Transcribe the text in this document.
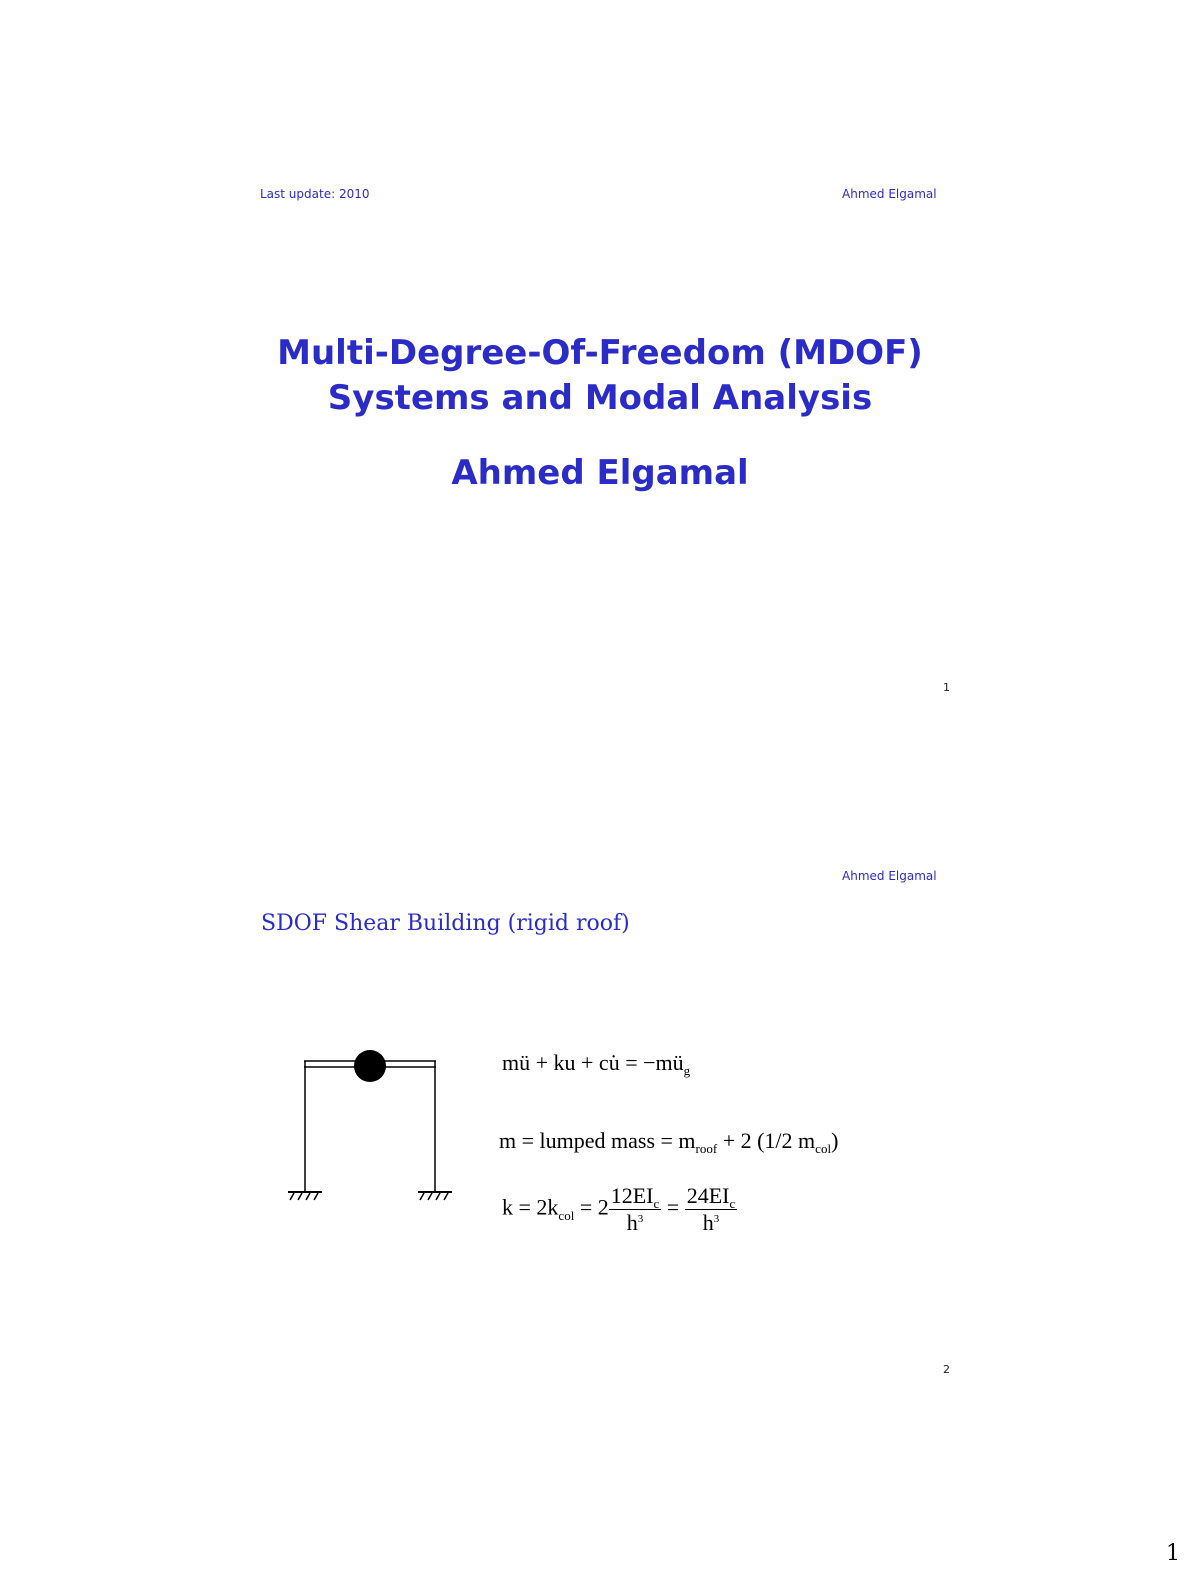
Last update: 2010	Ahmed Elgamal
Multi-Degree-Of-Freedom (MDOF)
Systems and Modal Analysis
Ahmed Elgamal
1
Ahmed Elgamal
SDOF Shear Building (rigid roof)
mü + ku + cu̇ = $-mü_g$
m = lumped mass = $m_{roof} + 2$ (1/2 $m_{col}$)
$k = 2k_{col} = 2 \frac{12EI_c}{h^3} = \frac{24EI_c}{h^3}$
2
1
